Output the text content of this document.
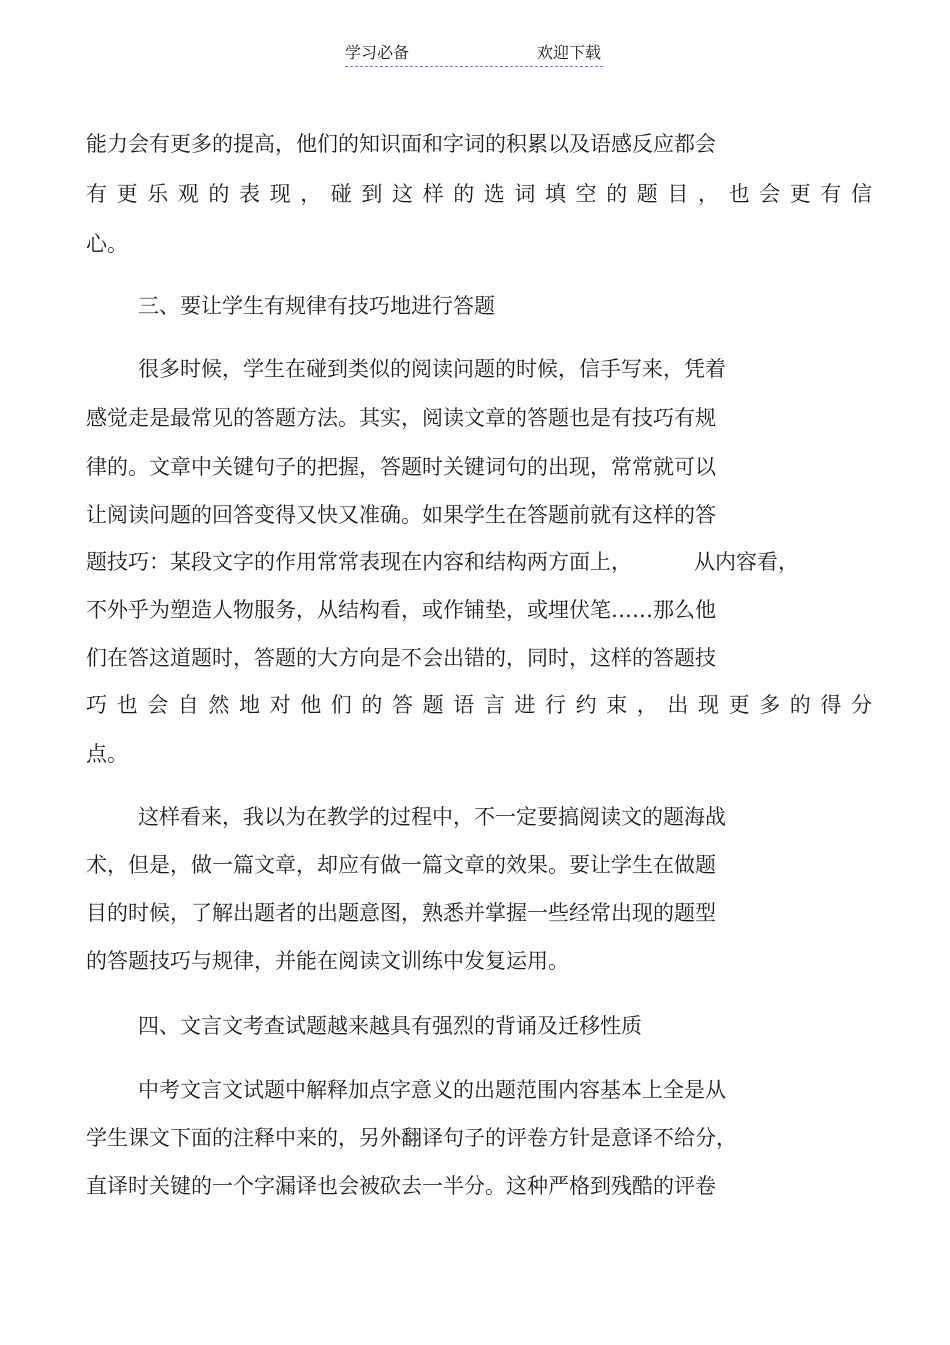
学习必备	欢迎下载
能力会有更多的提高，他们的知识面和字词的积累以及语感反应都会
有更乐观的表现，碰到这样的选词填空的题目，也会更有信
心。
三、要让学生有规律有技巧地进行答题
很多时候，学生在碰到类似的阅读问题的时候，信手写来，凭着
感觉走是最常见的答题方法。其实，阅读文章的答题也是有技巧有规
律的。文章中关键句子的把握，答题时关键词句的出现，常常就可以
让阅读问题的回答变得又快又准确。如果学生在答题前就有这样的答
题技巧：某段文字的作用常常表现在内容和结构两方面上，	从内容看，
不外乎为塑造人物服务，从结构看，或作铺垫，或埋伏笔……那么他
们在答这道题时，答题的大方向是不会出错的，同时，这样的答题技
巧也会自然地对他们的答题语言进行约束，出现更多的得分
点。
这样看来，我以为在教学的过程中，不一定要搞阅读文的题海战
术，但是，做一篇文章，却应有做一篇文章的效果。要让学生在做题
目的时候，了解出题者的出题意图，熟悉并掌握一些经常出现的题型
的答题技巧与规律，并能在阅读文训练中发复运用。
四、文言文考查试题越来越具有强烈的背诵及迁移性质
中考文言文试题中解释加点字意义的出题范围内容基本上全是从
学生课文下面的注释中来的，另外翻译句子的评卷方针是意译不给分，
直译时关键的一个字漏译也会被砍去一半分。这种严格到残酷的评卷
